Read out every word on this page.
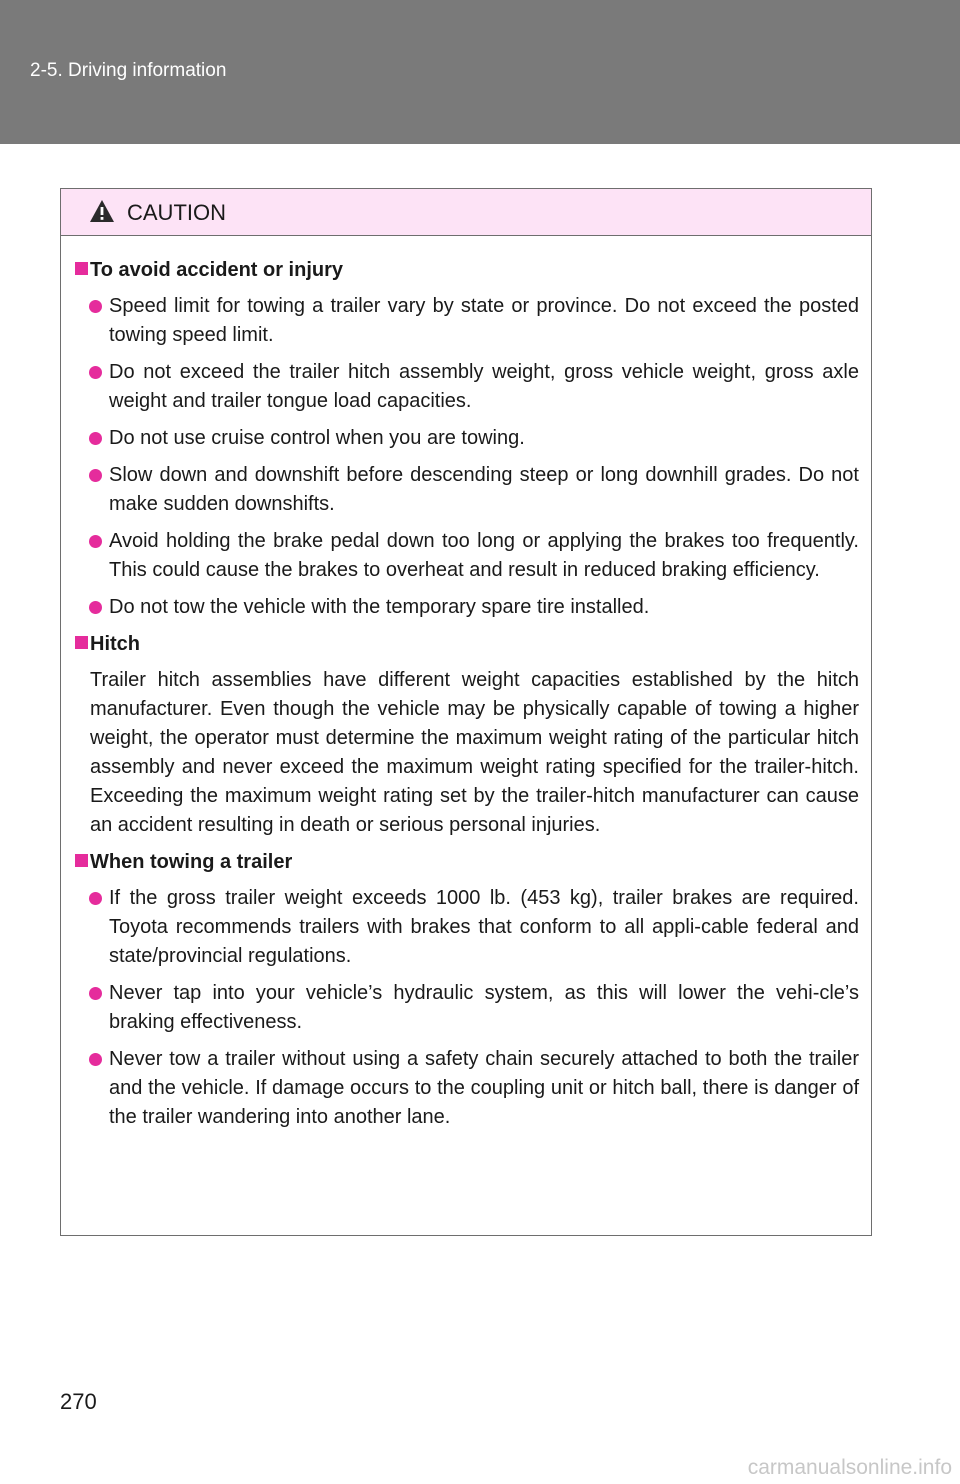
2-5. Driving information
CAUTION
To avoid accident or injury
Speed limit for towing a trailer vary by state or province. Do not exceed the posted towing speed limit.
Do not exceed the trailer hitch assembly weight, gross vehicle weight, gross axle weight and trailer tongue load capacities.
Do not use cruise control when you are towing.
Slow down and downshift before descending steep or long downhill grades. Do not make sudden downshifts.
Avoid holding the brake pedal down too long or applying the brakes too frequently. This could cause the brakes to overheat and result in reduced braking efficiency.
Do not tow the vehicle with the temporary spare tire installed.
Hitch
Trailer hitch assemblies have different weight capacities established by the hitch manufacturer. Even though the vehicle may be physically capable of towing a higher weight, the operator must determine the maximum weight rating of the particular hitch assembly and never exceed the maximum weight rating specified for the trailer-hitch. Exceeding the maximum weight rating set by the trailer-hitch manufacturer can cause an accident resulting in death or serious personal injuries.
When towing a trailer
If the gross trailer weight exceeds 1000 lb. (453 kg), trailer brakes are required. Toyota recommends trailers with brakes that conform to all appli-cable federal and state/provincial regulations.
Never tap into your vehicle’s hydraulic system, as this will lower the vehi-cle’s braking effectiveness.
Never tow a trailer without using a safety chain securely attached to both the trailer and the vehicle. If damage occurs to the coupling unit or hitch ball, there is danger of the trailer wandering into another lane.
270
carmanualsonline.info
